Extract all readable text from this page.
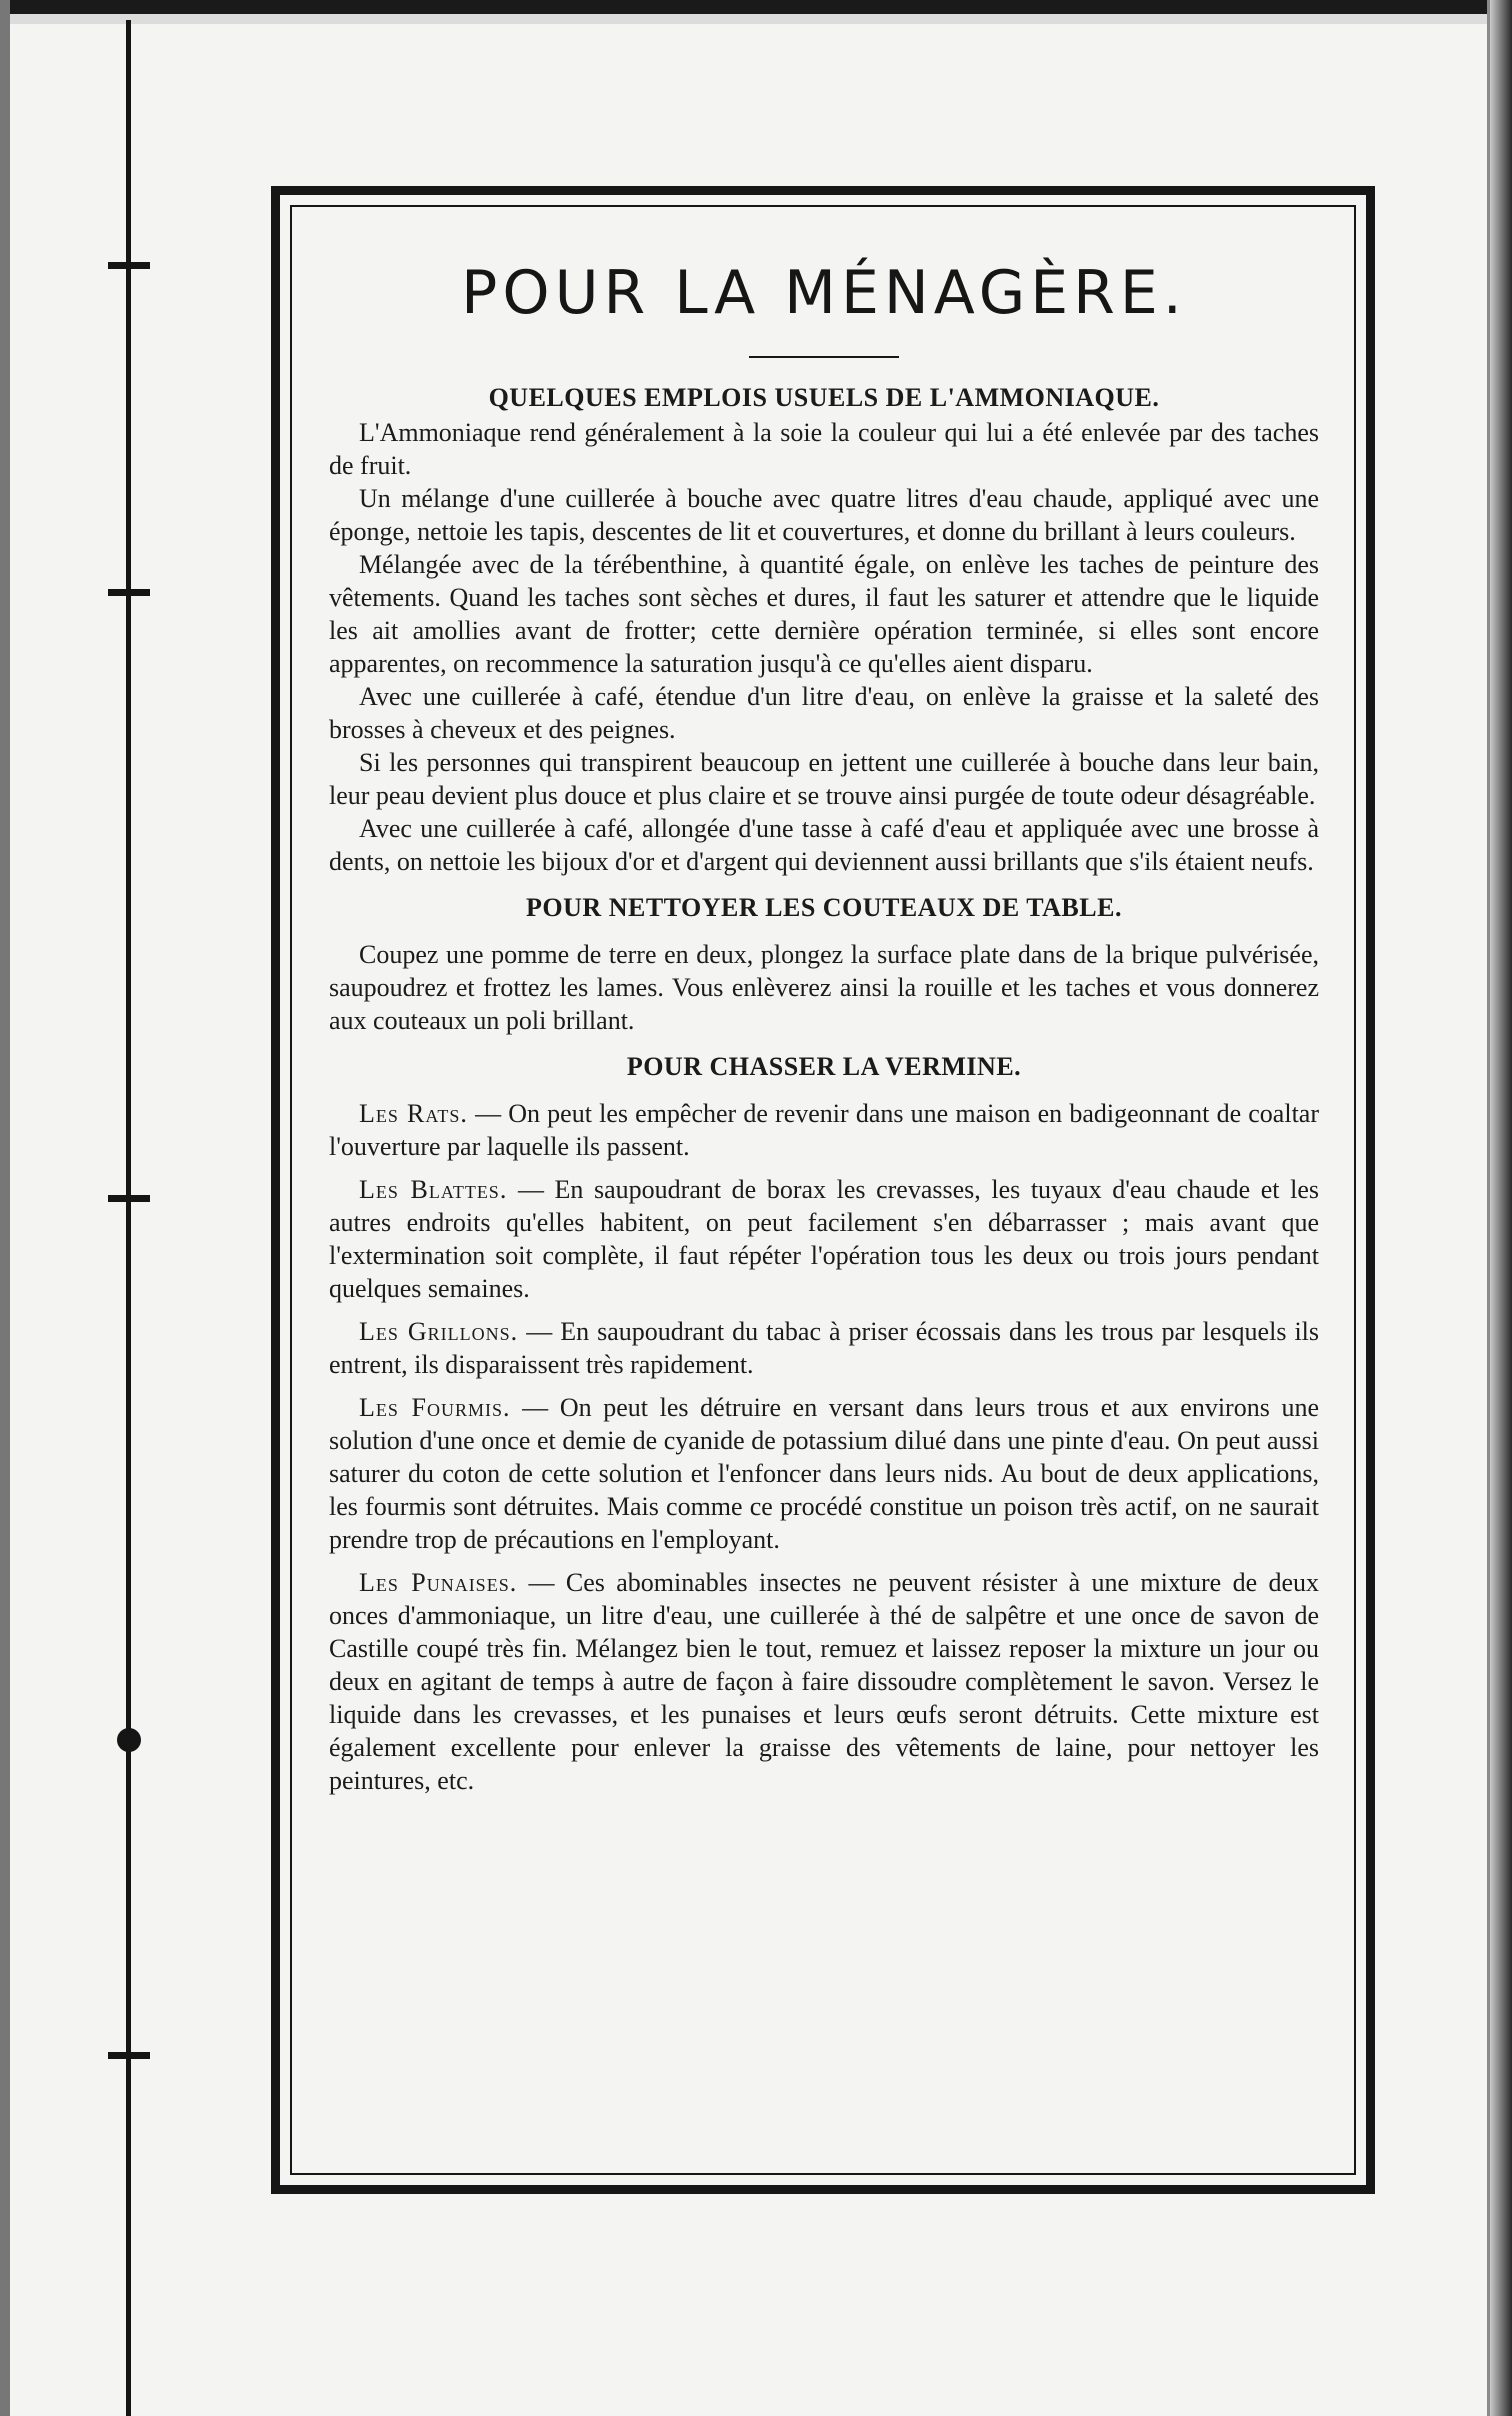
POUR LA MÉNAGÈRE.
QUELQUES EMPLOIS USUELS DE L'AMMONIAQUE.

L'Ammoniaque rend généralement à la soie la couleur qui lui a été enlevée par des taches de fruit.

Un mélange d'une cuillerée à bouche avec quatre litres d'eau chaude, appliqué avec une éponge, nettoie les tapis, descentes de lit et couvertures, et donne du brillant à leurs couleurs.

Mélangée avec de la térébenthine, à quantité égale, on enlève les taches de peinture des vêtements. Quand les taches sont sèches et dures, il faut les saturer et attendre que le liquide les ait amollies avant de frotter; cette dernière opération terminée, si elles sont encore apparentes, on recommence la saturation jusqu'à ce qu'elles aient disparu.

Avec une cuillerée à café, étendue d'un litre d'eau, on enlève la graisse et la saleté des brosses à cheveux et des peignes.

Si les personnes qui transpirent beaucoup en jettent une cuillerée à bouche dans leur bain, leur peau devient plus douce et plus claire et se trouve ainsi purgée de toute odeur désagréable.

Avec une cuillerée à café, allongée d'une tasse à café d'eau et appliquée avec une brosse à dents, on nettoie les bijoux d'or et d'argent qui deviennent aussi brillants que s'ils étaient neufs.

POUR NETTOYER LES COUTEAUX DE TABLE.

Coupez une pomme de terre en deux, plongez la surface plate dans de la brique pulvérisée, saupoudrez et frottez les lames. Vous enlèverez ainsi la rouille et les taches et vous donnerez aux couteaux un poli brillant.

POUR CHASSER LA VERMINE.

Les Rats. — On peut les empêcher de revenir dans une maison en badigeonnant de coaltar l'ouverture par laquelle ils passent.

Les Blattes. — En saupoudrant de borax les crevasses, les tuyaux d'eau chaude et les autres endroits qu'elles habitent, on peut facilement s'en débarrasser ; mais avant que l'extermination soit complète, il faut répéter l'opération tous les deux ou trois jours pendant quelques semaines.

Les Grillons. — En saupoudrant du tabac à priser écossais dans les trous par lesquels ils entrent, ils disparaissent très rapidement.

Les Fourmis. — On peut les détruire en versant dans leurs trous et aux environs une solution d'une once et demie de cyanide de potassium dilué dans une pinte d'eau. On peut aussi saturer du coton de cette solution et l'enfoncer dans leurs nids. Au bout de deux applications, les fourmis sont détruites. Mais comme ce procédé constitue un poison très actif, on ne saurait prendre trop de précautions en l'employant.

Les Punaises. — Ces abominables insectes ne peuvent résister à une mixture de deux onces d'ammoniaque, un litre d'eau, une cuillerée à thé de salpêtre et une once de savon de Castille coupé très fin. Mélangez bien le tout, remuez et laissez reposer la mixture un jour ou deux en agitant de temps à autre de façon à faire dissoudre complètement le savon. Versez le liquide dans les crevasses, et les punaises et leurs œufs seront détruits. Cette mixture est également excellente pour enlever la graisse des vêtements de laine, pour nettoyer les peintures, etc.
